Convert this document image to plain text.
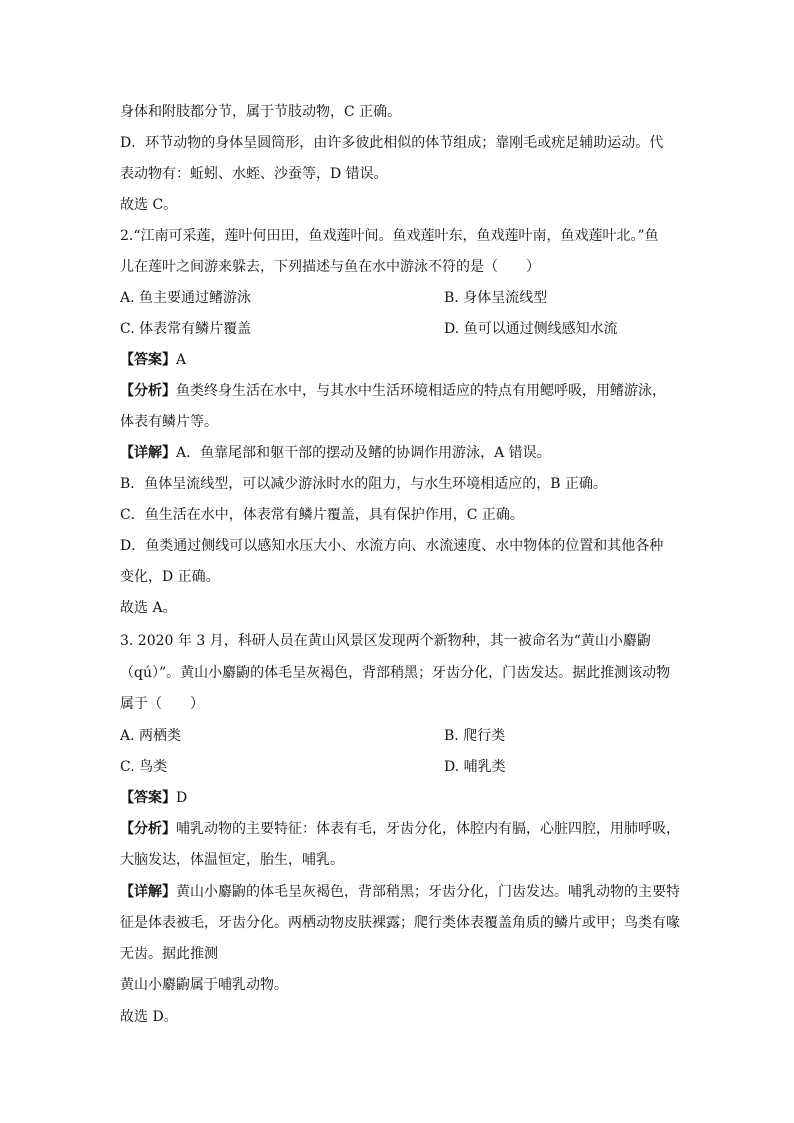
身体和附肢都分节，属于节肢动物，C 正确。
D．环节动物的身体呈圆筒形，由许多彼此相似的体节组成；靠刚毛或疣足辅助运动。代
表动物有：蚯蚓、水蛭、沙蚕等，D 错误。
故选 C。
2.“江南可采莲，莲叶何田田，鱼戏莲叶间。鱼戏莲叶东，鱼戏莲叶南，鱼戏莲叶北。”鱼
儿在莲叶之间游来躲去，下列描述与鱼在水中游泳不符的是（　　）
A. 鱼主要通过鳍游泳	B. 身体呈流线型
C. 体表常有鳞片覆盖	D. 鱼可以通过侧线感知水流
【答案】A
【分析】鱼类终身生活在水中，与其水中生活环境相适应的特点有用鳃呼吸，用鳍游泳，
体表有鳞片等。
【详解】A．鱼靠尾部和躯干部的摆动及鳍的协调作用游泳，A 错误。
B．鱼体呈流线型，可以减少游泳时水的阻力，与水生环境相适应的，B 正确。
C．鱼生活在水中，体表常有鳞片覆盖，具有保护作用，C 正确。
D．鱼类通过侧线可以感知水压大小、水流方向、水流速度、水中物体的位置和其他各种
变化，D 正确。
故选 A。
3. 2020 年 3 月，科研人员在黄山风景区发现两个新物种，其一被命名为“黄山小麝鼩
（qú）”。黄山小麝鼩的体毛呈灰褐色，背部稍黑；牙齿分化，门齿发达。据此推测该动物
属于（　　）
A. 两栖类	B. 爬行类
C. 鸟类	D. 哺乳类
【答案】D
【分析】哺乳动物的主要特征：体表有毛，牙齿分化，体腔内有膈，心脏四腔，用肺呼吸，
大脑发达，体温恒定，胎生，哺乳。
【详解】黄山小麝鼩的体毛呈灰褐色，背部稍黑；牙齿分化，门齿发达。哺乳动物的主要特
征是体表被毛，牙齿分化。两栖动物皮肤裸露；爬行类体表覆盖角质的鳞片或甲；鸟类有喙
无齿。据此推测
黄山小麝鼩属于哺乳动物。
故选 D。
